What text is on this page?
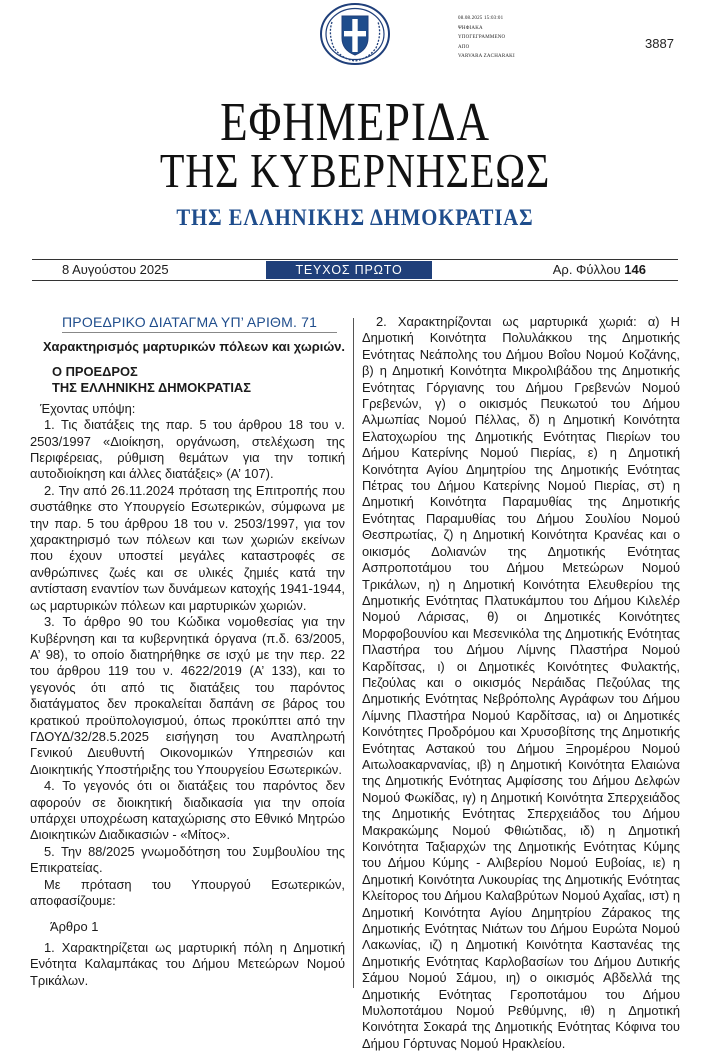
08.08.2025 15:03:01
ΨΗΦΙΑΚΑ
ΥΠΟΓΕΓΡΑΜΜΕΝΟ
ΑΠΟ
VARVARA ZACHARAKI
3887
ΕΦΗΜΕΡΙΔΑ
ΤΗΣ ΚΥΒΕΡΝΗΣΕΩΣ
ΤΗΣ ΕΛΛΗΝΙΚΗΣ ΔΗΜΟΚΡΑΤΙΑΣ
8 Αυγούστου 2025	ΤΕΥΧΟΣ ΠΡΩΤΟ	Αρ. Φύλλου 146
ΠΡΟΕΔΡΙΚΟ ΔΙΑΤΑΓΜΑ ΥΠ’ ΑΡΙΘΜ. 71
Χαρακτηρισμός μαρτυρικών πόλεων και χωριών.
Ο ΠΡΟΕΔΡΟΣ
ΤΗΣ ΕΛΛΗΝΙΚΗΣ ΔΗΜΟΚΡΑΤΙΑΣ

Έχοντας υπόψη:

1. Τις διατάξεις της παρ. 5 του άρθρου 18 του ν. 2503/1997 «Διοίκηση, οργάνωση, στελέχωση της Περιφέρειας, ρύθμιση θεμάτων για την τοπική αυτοδιοίκηση και άλλες διατάξεις» (Α’ 107).

2. Την από 26.11.2024 πρόταση της Επιτροπής που συστάθηκε στο Υπουργείο Εσωτερικών, σύμφωνα με την παρ. 5 του άρθρου 18 του ν. 2503/1997, για τον χαρακτηρισμό των πόλεων και των χωριών εκείνων που έχουν υποστεί μεγάλες καταστροφές σε ανθρώπινες ζωές και σε υλικές ζημιές κατά την αντίσταση εναντίον των δυνάμεων κατοχής 1941-1944, ως μαρτυρικών πόλεων και μαρτυρικών χωριών.

3. Το άρθρο 90 του Κώδικα νομοθεσίας για την Κυβέρνηση και τα κυβερνητικά όργανα (π.δ. 63/2005, Α’ 98), το οποίο διατηρήθηκε σε ισχύ με την περ. 22 του άρθρου 119 του ν. 4622/2019 (Α’ 133), και το γεγονός ότι από τις διατάξεις του παρόντος διατάγματος δεν προκαλείται δαπάνη σε βάρος του κρατικού προϋπολογισμού, όπως προκύπτει από την ΓΔΟΥΔ/32/28.5.2025 εισήγηση του Αναπληρωτή Γενικού Διευθυντή Οικονομικών Υπηρεσιών και Διοικητικής Υποστήριξης του Υπουργείου Εσωτερικών.

4. Το γεγονός ότι οι διατάξεις του παρόντος δεν αφορούν σε διοικητική διαδικασία για την οποία υπάρχει υποχρέωση καταχώρισης στο Εθνικό Μητρώο Διοικητικών Διαδικασιών - «Μίτος».

5. Την 88/2025 γνωμοδότηση του Συμβουλίου της Επικρατείας.

Με πρόταση του Υπουργού Εσωτερικών, αποφασίζουμε:

Άρθρο 1

1. Χαρακτηρίζεται ως μαρτυρική πόλη η Δημοτική Ενότητα Καλαμπάκας του Δήμου Μετεώρων Νομού Τρικάλων.

2. Χαρακτηρίζονται ως μαρτυρικά χωριά: α) Η Δημοτική Κοινότητα Πολυλάκκου της Δημοτικής Ενότητας Νεάπολης του Δήμου Βοΐου Νομού Κοζάνης, β) η Δημοτική Κοινότητα Μικρολιβάδου της Δημοτικής Ενότητας Γόργιανης του Δήμου Γρεβενών Νομού Γρεβενών, γ) ο οικισμός Πευκωτού του Δήμου Αλμωπίας Νομού Πέλλας, δ) η Δημοτική Κοινότητα Ελατοχωρίου της Δημοτικής Ενότητας Πιερίων του Δήμου Κατερίνης Νομού Πιερίας, ε) η Δημοτική Κοινότητα Αγίου Δημητρίου της Δημοτικής Ενότητας Πέτρας του Δήμου Κατερίνης Νομού Πιερίας, στ) η Δημοτική Κοινότητα Παραμυθίας της Δημοτικής Ενότητας Παραμυθίας του Δήμου Σουλίου Νομού Θεσπρωτίας, ζ) η Δημοτική Κοινότητα Κρανέας και ο οικισμός Δολιανών της Δημοτικής Ενότητας Ασπροποτάμου του Δήμου Μετεώρων Νομού Τρικάλων, η) η Δημοτική Κοινότητα Ελευθερίου της Δημοτικής Ενότητας Πλατυκάμπου του Δήμου Κιλελέρ Νομού Λάρισας, θ) οι Δημοτικές Κοινότητες Μορφοβουνίου και Μεσενικόλα της Δημοτικής Ενότητας Πλαστήρα του Δήμου Λίμνης Πλαστήρα Νομού Καρδίτσας, ι) οι Δημοτικές Κοινότητες Φυλακτής, Πεζούλας και ο οικισμός Νεράιδας Πεζούλας της Δημοτικής Ενότητας Νεβρόπολης Αγράφων του Δήμου Λίμνης Πλαστήρα Νομού Καρδίτσας, ια) οι Δημοτικές Κοινότητες Προδρόμου και Χρυσοβίτσης της Δημοτικής Ενότητας Αστακού του Δήμου Ξηρομέρου Νομού Αιτωλοακαρνανίας, ιβ) η Δημοτική Κοινότητα Ελαιώνα της Δημοτικής Ενότητας Αμφίσσης του Δήμου Δελφών Νομού Φωκίδας, ιγ) η Δημοτική Κοινότητα Σπερχειάδος της Δημοτικής Ενότητας Σπερχειάδος του Δήμου Μακρακώμης Νομού Φθιώτιδας, ιδ) η Δημοτική Κοινότητα Ταξιαρχών της Δημοτικής Ενότητας Κύμης του Δήμου Κύμης - Αλιβερίου Νομού Ευβοίας, ιε) η Δημοτική Κοινότητα Λυκουρίας της Δημοτικής Ενότητας Κλείτορος του Δήμου Καλαβρύτων Νομού Αχαΐας, ιστ) η Δημοτική Κοινότητα Αγίου Δημητρίου Ζάρακος της Δημοτικής Ενότητας Νιάτων του Δήμου Ευρώτα Νομού Λακωνίας, ιζ) η Δημοτική Κοινότητα Καστανέας της Δημοτικής Ενότητας Καρλοβασίων του Δήμου Δυτικής Σάμου Νομού Σάμου, ιη) ο οικισμός Αβδελλά της Δημοτικής Ενότητας Γεροποτάμου του Δήμου Μυλοποτάμου Νομού Ρεθύμνης, ιθ) η Δημοτική Κοινότητα Σοκαρά της Δημοτικής Ενότητας Κόφινα του Δήμου Γόρτυνας Νομού Ηρακλείου.
